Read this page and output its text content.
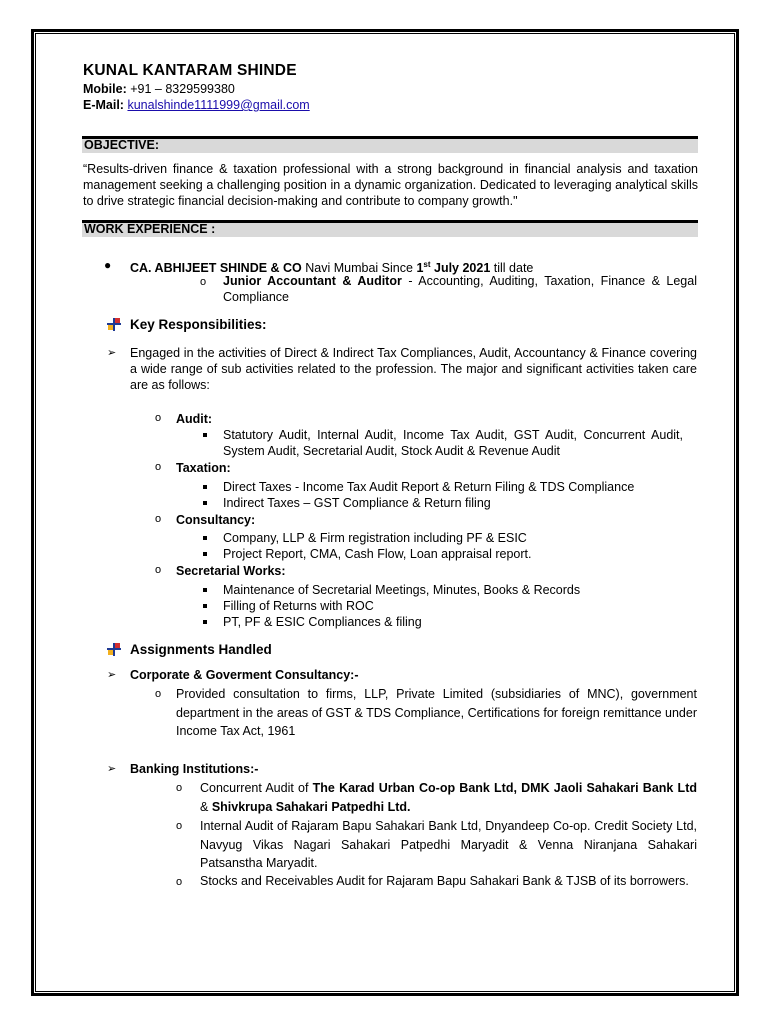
KUNAL KANTARAM SHINDE
Mobile: +91 – 8329599380
E-Mail: kunalshinde1111999@gmail.com
OBJECTIVE:
“Results-driven finance & taxation professional with a strong background in financial analysis and taxation management seeking a challenging position in a dynamic organization. Dedicated to leveraging analytical skills to drive strategic financial decision-making and contribute to company growth."
WORK EXPERIENCE :
● CA. ABHIJEET SHINDE & CO Navi Mumbai Since 1st July 2021 till date
o Junior Accountant & Auditor - Accounting, Auditing, Taxation, Finance & Legal Compliance
Key Responsibilities:
➢ Engaged in the activities of Direct & Indirect Tax Compliances, Audit, Accountancy & Finance covering a wide range of sub activities related to the profession. The major and significant activities taken care are as follows:
o Audit:
Statutory Audit, Internal Audit, Income Tax Audit, GST Audit, Concurrent Audit, System Audit, Secretarial Audit, Stock Audit & Revenue Audit
o Taxation:
Direct Taxes - Income Tax Audit Report & Return Filing & TDS Compliance
Indirect Taxes – GST Compliance & Return filing
o Consultancy:
Company, LLP & Firm registration including PF & ESIC
Project Report, CMA, Cash Flow, Loan appraisal report.
o Secretarial Works:
Maintenance of Secretarial Meetings, Minutes, Books & Records
Filling of Returns with ROC
PT, PF & ESIC Compliances & filing
Assignments Handled
➢ Corporate & Goverment Consultancy:-
o Provided consultation to firms, LLP, Private Limited (subsidiaries of MNC), government department in the areas of GST & TDS Compliance, Certifications for foreign remittance under Income Tax Act, 1961
➢ Banking Institutions:-
o Concurrent Audit of The Karad Urban Co-op Bank Ltd, DMK Jaoli Sahakari Bank Ltd & Shivkrupa Sahakari Patpedhi Ltd.
o Internal Audit of Rajaram Bapu Sahakari Bank Ltd, Dnyandeep Co-op. Credit Society Ltd, Navyug Vikas Nagari Sahakari Patpedhi Maryadit & Venna Niranjana Sahakari Patsanstha Maryadit.
o Stocks and Receivables Audit for Rajaram Bapu Sahakari Bank & TJSB of its borrowers.
